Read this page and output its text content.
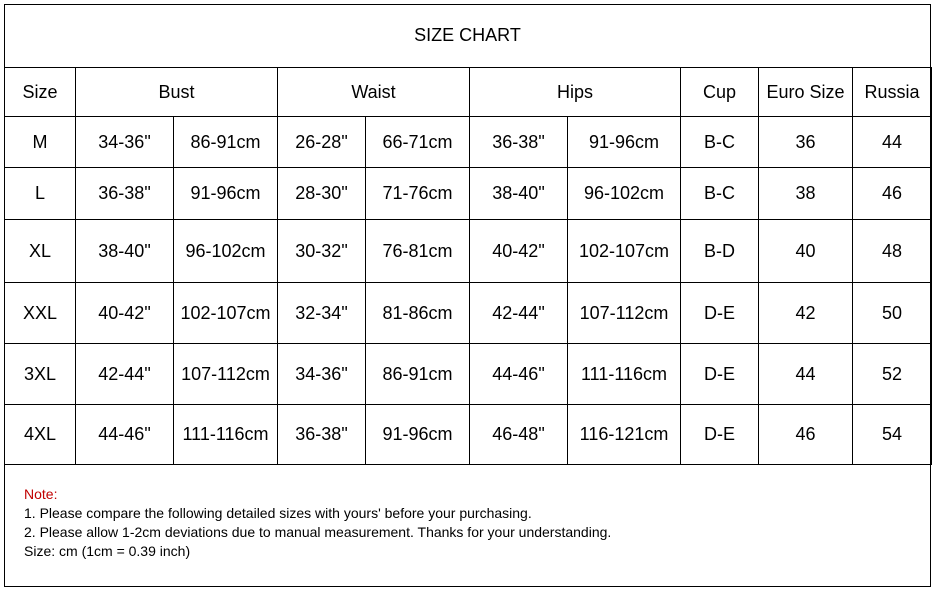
SIZE CHART
Size	Bust		Waist		Hips		Cup	Euro Size	Russia
M	34-36"	86-91cm	26-28"	66-71cm	36-38"	91-96cm	B-C	36	44
L	36-38"	91-96cm	28-30"	71-76cm	38-40"	96-102cm	B-C	38	46
XL	38-40"	96-102cm	30-32"	76-81cm	40-42"	102-107cm	B-D	40	48
XXL	40-42"	102-107cm	32-34"	81-86cm	42-44"	107-112cm	D-E	42	50
3XL	42-44"	107-112cm	34-36"	86-91cm	44-46"	111-116cm	D-E	44	52
4XL	44-46"	111-116cm	36-38"	91-96cm	46-48"	116-121cm	D-E	46	54
Note:
1. Please compare the following detailed sizes with yours' before your purchasing.
2. Please allow 1-2cm deviations due to manual measurement. Thanks for your understanding.
Size: cm (1cm = 0.39 inch)
